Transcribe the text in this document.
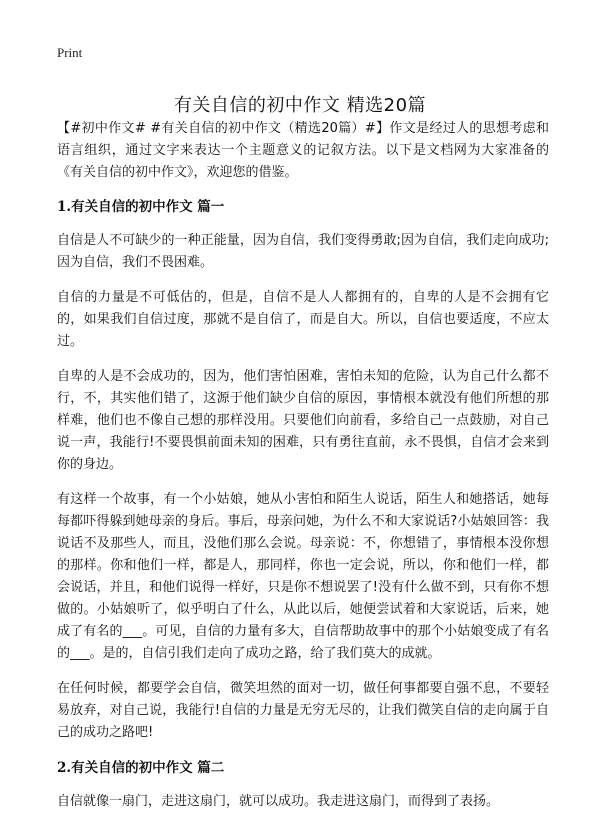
Print
有关自信的初中作文 精选20篇

【#初中作文# #有关自信的初中作文（精选20篇）#】作文是经过人的思想考虑和语言组织，通过文字来表达一个主题意义的记叙方法。以下是文档网为大家准备的《有关自信的初中作文》，欢迎您的借鉴。

1.有关自信的初中作文 篇一

自信是人不可缺少的一种正能量，因为自信，我们变得勇敢;因为自信，我们走向成功;因为自信，我们不畏困难。

自信的力量是不可低估的，但是，自信不是人人都拥有的，自卑的人是不会拥有它的，如果我们自信过度，那就不是自信了，而是自大。所以，自信也要适度，不应太过。

自卑的人是不会成功的，因为，他们害怕困难，害怕未知的危险，认为自己什么都不行，不，其实他们错了，这源于他们缺少自信的原因，事情根本就没有他们所想的那样难，他们也不像自己想的那样没用。只要他们向前看，多给自己一点鼓励，对自己说一声，我能行!不要畏惧前面未知的困难，只有勇往直前，永不畏惧，自信才会来到你的身边。

有这样一个故事，有一个小姑娘，她从小害怕和陌生人说话，陌生人和她搭话，她每每都吓得躲到她母亲的身后。事后，母亲问她，为什么不和大家说话?小姑娘回答：我说话不及那些人，而且，没他们那么会说。母亲说：不，你想错了，事情根本没你想的那样。你和他们一样，都是人，那同样，你也一定会说，所以，你和他们一样，都会说话，并且，和他们说得一样好，只是你不想说罢了!没有什么做不到，只有你不想做的。小姑娘听了，似乎明白了什么，从此以后，她便尝试着和大家说话，后来，她成了有名的___。可见，自信的力量有多大，自信帮助故事中的那个小姑娘变成了有名的___。是的，自信引我们走向了成功之路，给了我们莫大的成就。

在任何时候，都要学会自信，微笑坦然的面对一切，做任何事都要自强不息，不要轻易放弃，对自己说，我能行!自信的力量是无穷无尽的，让我们微笑自信的走向属于自己的成功之路吧!

2.有关自信的初中作文 篇二

自信就像一扇门，走进这扇门，就可以成功。我走进这扇门，而得到了表扬。
